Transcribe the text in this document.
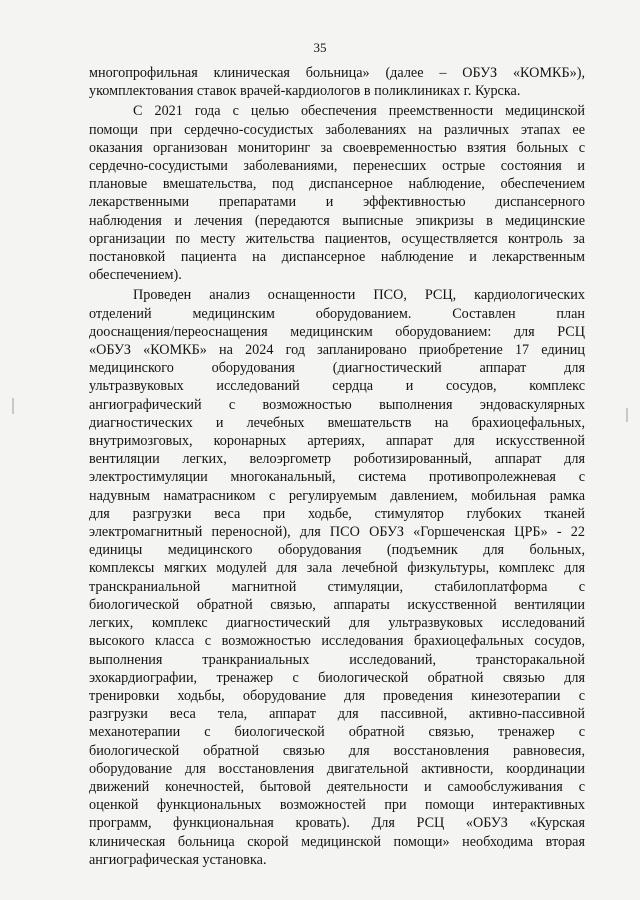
35
многопрофильная клиническая больница» (далее – ОБУЗ «КОМКБ»),
укомплектования ставок врачей-кардиологов в поликлиниках г. Курска.
С 2021 года с целью обеспечения преемственности медицинской
помощи при сердечно-сосудистых заболеваниях на различных этапах ее
оказания организован мониторинг за своевременностью взятия больных с
сердечно-сосудистыми заболеваниями, перенесших острые состояния и
плановые вмешательства, под диспансерное наблюдение, обеспечением
лекарственными препаратами и эффективностью диспансерного
наблюдения и лечения (передаются выписные эпикризы в медицинские
организации по месту жительства пациентов, осуществляется контроль за
постановкой пациента на диспансерное наблюдение и лекарственным
обеспечением).
Проведен анализ оснащенности ПСО, РСЦ, кардиологических
отделений медицинским оборудованием. Составлен план
дооснащения/переоснащения медицинским оборудованием: для РСЦ
«ОБУЗ «КОМКБ» на 2024 год запланировано приобретение 17 единиц
медицинского оборудования (диагностический аппарат для
ультразвуковых исследований сердца и сосудов, комплекс
ангиографический с возможностью выполнения эндоваскулярных
диагностических и лечебных вмешательств на брахиоцефальных,
внутримозговых, коронарных артериях, аппарат для искусственной
вентиляции легких, велоэргометр роботизированный, аппарат для
электростимуляции многоканальный, система противопролежневая с
надувным наматрасником с регулируемым давлением, мобильная рамка
для разгрузки веса при ходьбе, стимулятор глубоких тканей
электромагнитный переносной), для ПСО ОБУЗ «Горшеченская ЦРБ» - 22
единицы медицинского оборудования (подъемник для больных,
комплексы мягких модулей для зала лечебной физкультуры, комплекс для
транскраниальной магнитной стимуляции, стабилоплатформа с
биологической обратной связью, аппараты искусственной вентиляции
легких, комплекс диагностический для ультразвуковых исследований
высокого класса с возможностью исследования брахиоцефальных сосудов,
выполнения транкраниальных исследований, трансторакальной
эхокардиографии, тренажер с биологической обратной связью для
тренировки ходьбы, оборудование для проведения кинезотерапии с
разгрузки веса тела, аппарат для пассивной, активно-пассивной
механотерапии с биологической обратной связью, тренажер с
биологической обратной связью для восстановления равновесия,
оборудование для восстановления двигательной активности, координации
движений конечностей, бытовой деятельности и самообслуживания с
оценкой функциональных возможностей при помощи интерактивных
программ, функциональная кровать). Для РСЦ «ОБУЗ «Курская
клиническая больница скорой медицинской помощи» необходима вторая
ангиографическая установка.
